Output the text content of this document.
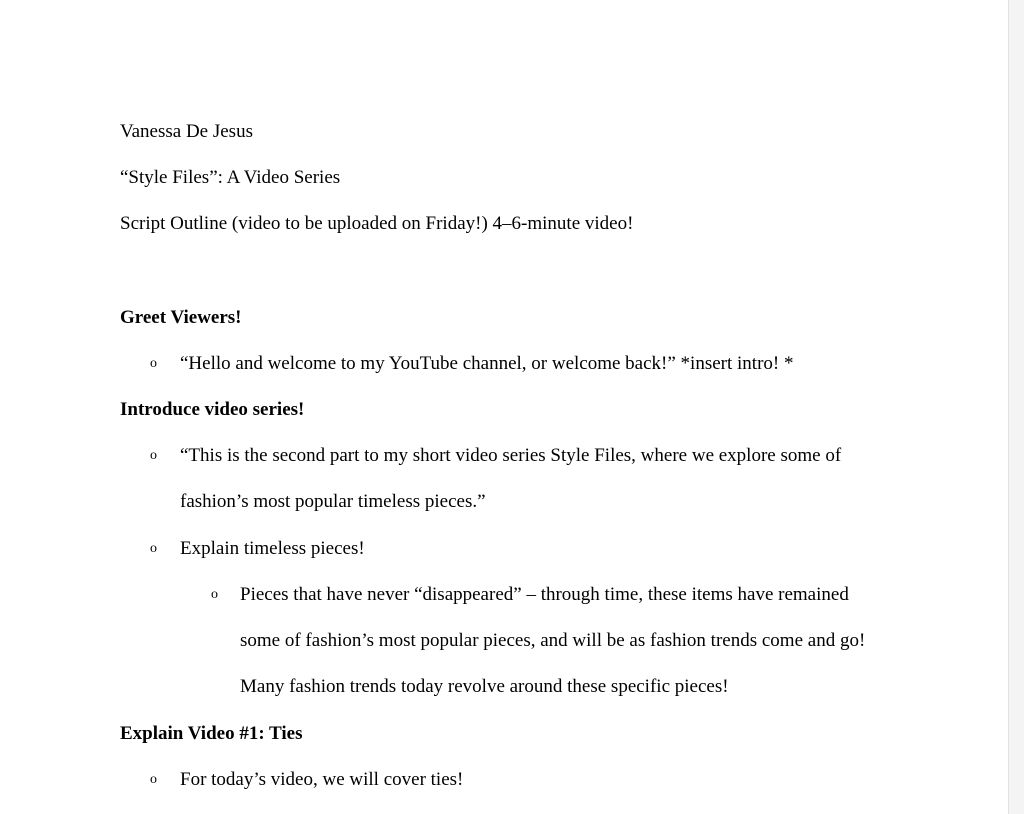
Vanessa De Jesus
“Style Files”: A Video Series
Script Outline (video to be uploaded on Friday!) 4–6-minute video!
Greet Viewers!
o “Hello and welcome to my YouTube channel, or welcome back!” *insert intro! *
Introduce video series!
o “This is the second part to my short video series Style Files, where we explore some of
fashion’s most popular timeless pieces.”
o Explain timeless pieces!
o Pieces that have never “disappeared” – through time, these items have remained
some of fashion’s most popular pieces, and will be as fashion trends come and go!
Many fashion trends today revolve around these specific pieces!
Explain Video #1: Ties
o For today’s video, we will cover ties!
